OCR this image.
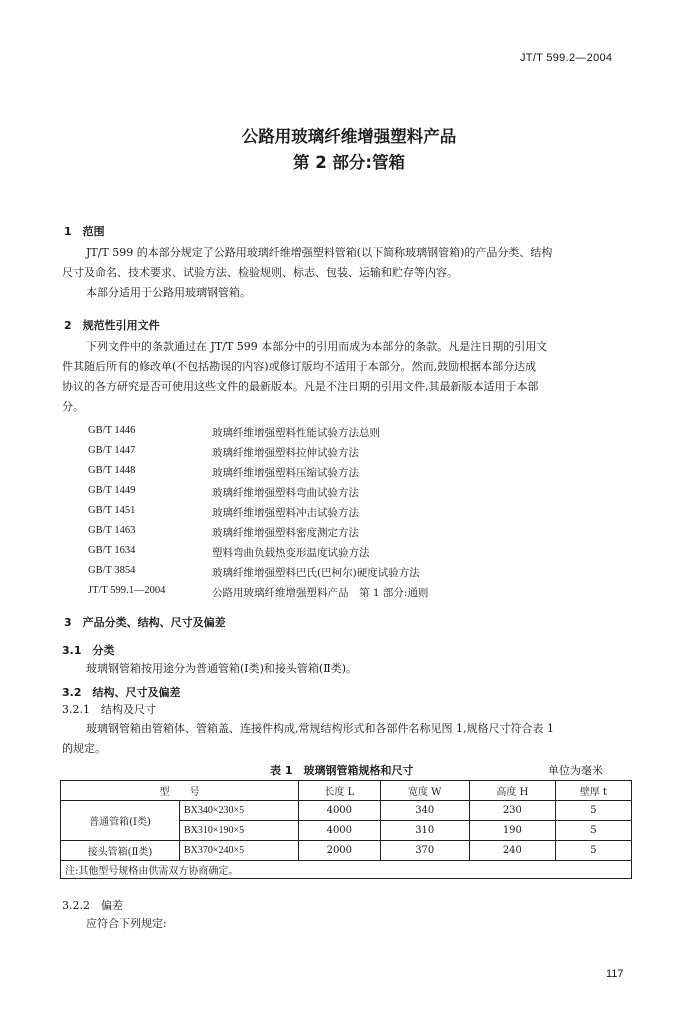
JT/T 599.2—2004
公路用玻璃纤维增强塑料产品
第 2 部分:管箱
1　范围
JT/T 599 的本部分规定了公路用玻璃纤维增强塑料管箱(以下简称玻璃钢管箱)的产品分类、结构
尺寸及命名、技术要求、试验方法、检验规则、标志、包装、运输和贮存等内容。
本部分适用于公路用玻璃钢管箱。
2　规范性引用文件
下列文件中的条款通过在 JT/T 599 本部分中的引用而成为本部分的条款。凡是注日期的引用文
件其随后所有的修改单(不包括勘误的内容)或修订版均不适用于本部分。然而,鼓励根据本部分达成
协议的各方研究是否可使用这些文件的最新版本。凡是不注日期的引用文件,其最新版本适用于本部
分。
GB/T 1446	玻璃纤维增强塑料性能试验方法总则
GB/T 1447	玻璃纤维增强塑料拉伸试验方法
GB/T 1448	玻璃纤维增强塑料压缩试验方法
GB/T 1449	玻璃纤维增强塑料弯曲试验方法
GB/T 1451	玻璃纤维增强塑料冲击试验方法
GB/T 1463	玻璃纤维增强塑料密度测定方法
GB/T 1634	塑料弯曲负载热变形温度试验方法
GB/T 3854	玻璃纤维增强塑料巴氏(巴柯尔)硬度试验方法
JT/T 599.1—2004	公路用玻璃纤维增强塑料产品　第 1 部分:通则
3　产品分类、结构、尺寸及偏差
3.1　分类
玻璃钢管箱按用途分为普通管箱(Ⅰ类)和接头管箱(Ⅱ类)。
3.2　结构、尺寸及偏差
3.2.1　结构及尺寸
玻璃钢管箱由管箱体、管箱盖、连接件构成,常规结构形式和各部件名称见图 1,规格尺寸符合表 1
的规定。
表 1　玻璃钢管箱规格和尺寸	单位为毫米
型　　号		长度 L	宽度 W	高度 H	壁厚 t
普通管箱(Ⅰ类)	BX340×230×5	4000	340	230	5
	BX310×190×5	4000	310	190	5
接头管箱(Ⅱ类)	BX370×240×5	2000	370	240	5
注:其他型号规格由供需双方协商确定。					
3.2.2　偏差
应符合下列规定:
117
